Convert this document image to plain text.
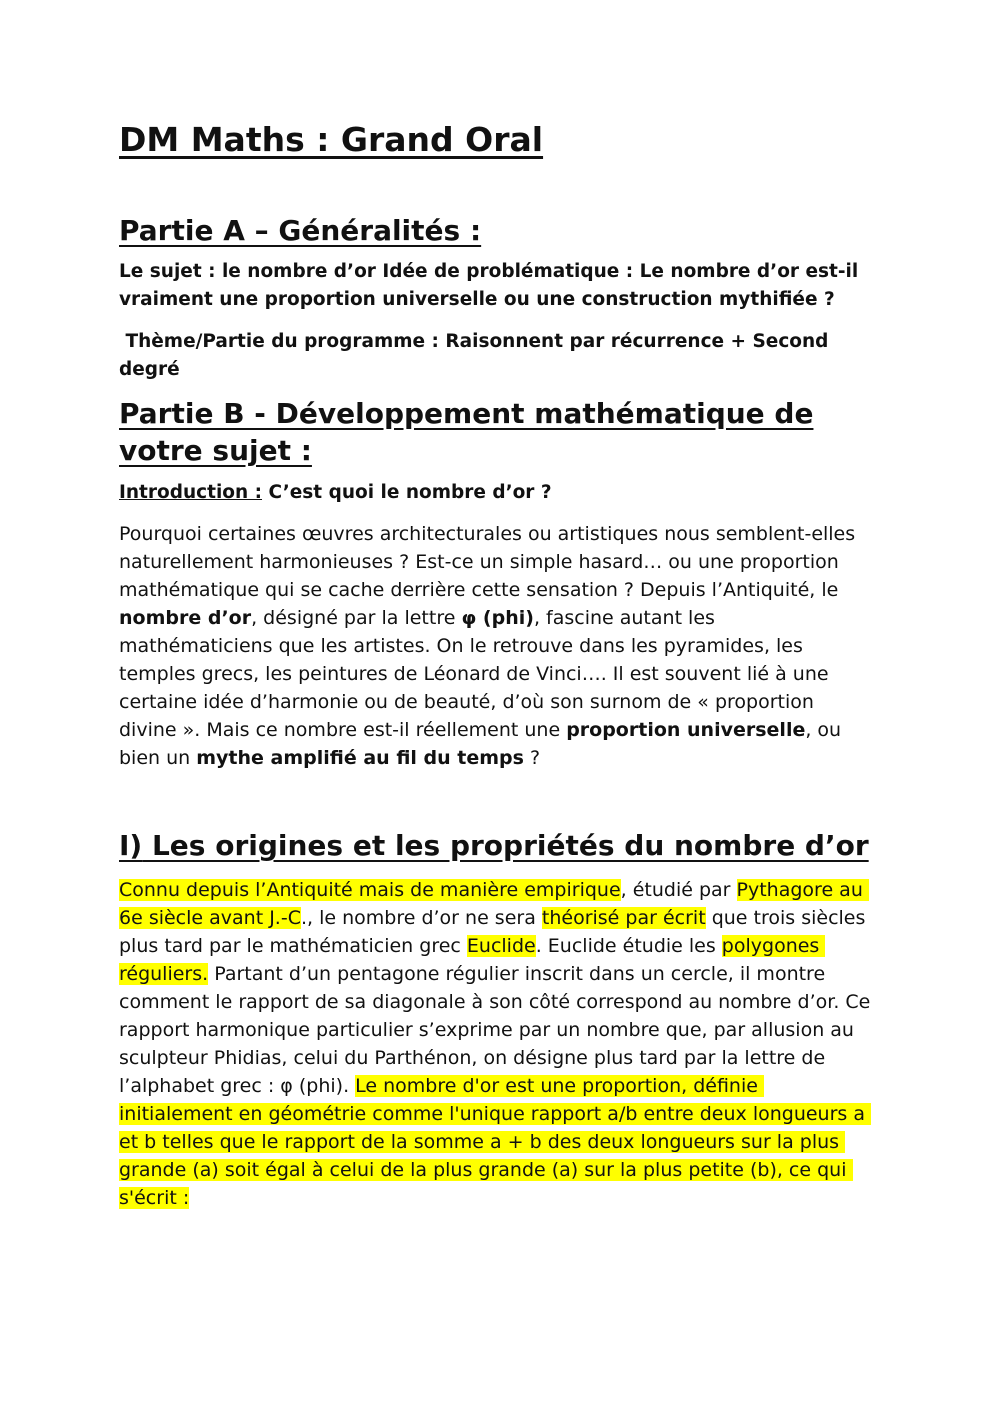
DM Maths : Grand Oral
Partie A – Généralités :

Le sujet : le nombre d’or Idée de problématique : Le nombre d’or est-il vraiment une proportion universelle ou une construction mythifiée ?

Thème/Partie du programme : Raisonnent par récurrence + Second degré

Partie B - Développement mathématique de votre sujet :

Introduction : C’est quoi le nombre d’or ?

Pourquoi certaines œuvres architecturales ou artistiques nous semblent-elles naturellement harmonieuses ? Est-ce un simple hasard… ou une proportion mathématique qui se cache derrière cette sensation ? Depuis l’Antiquité, le nombre d’or, désigné par la lettre φ (phi), fascine autant les mathématiciens que les artistes. On le retrouve dans les pyramides, les temples grecs, les peintures de Léonard de Vinci…. Il est souvent lié à une certaine idée d’harmonie ou de beauté, d’où son surnom de « proportion divine ». Mais ce nombre est-il réellement une proportion universelle, ou bien un mythe amplifié au fil du temps ?

I) Les origines et les propriétés du nombre d’or

Connu depuis l’Antiquité mais de manière empirique, étudié par Pythagore au 6e siècle avant J.-C., le nombre d’or ne sera théorisé par écrit que trois siècles plus tard par le mathématicien grec Euclide. Euclide étudie les polygones réguliers. Partant d’un pentagone régulier inscrit dans un cercle, il montre comment le rapport de sa diagonale à son côté correspond au nombre d’or. Ce rapport harmonique particulier s’exprime par un nombre que, par allusion au sculpteur Phidias, celui du Parthénon, on désigne plus tard par la lettre de l’alphabet grec : φ (phi). Le nombre d'or est une proportion, définie initialement en géométrie comme l'unique rapport a/b entre deux longueurs a et b telles que le rapport de la somme a + b des deux longueurs sur la plus grande (a) soit égal à celui de la plus grande (a) sur la plus petite (b), ce qui s'écrit :
